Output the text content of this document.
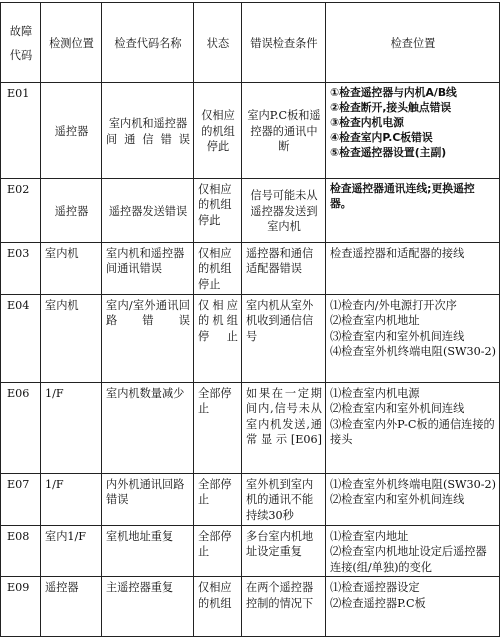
故障
代码	检测位置	检查代码名称	状态	错误检查条件	检查位置
E01	遥控器	室内机和遥控器间通信错误	仅相应的机组停此	室内P.C板和遥控器的通讯中断	①检查遥控器与内机A/B线
②检查断开,接头触点错误
③检查内机电源
④检查室内P.C板错误
⑤检查遥控器设置(主副)

E02	遥控器	遥控器发送错误	仅相应的机组停此	信号可能未从遥控器发送到室内机	检查遥控器通讯连线;更换遥控器。

E03	室内机	室内机和遥控器间通讯错误	仅相应的机组停止	遥控器和通信适配器错误	检查遥控器和适配器的接线

E04	室内机	室内/室外通讯回路错误	仅相应的机组停止	室内机从室外机收到通信信号	⑴检查内/外电源打开次序
⑵检查室内机地址
⑶检查室内和室外机间连线
⑷检查室外机终端电阻(SW30-2)

E06	1/F	室内机数量减少	全部停止	如果在一定期间内,信号未从室内机发送,通常显示[E06]	⑴检查室内机电源
⑵检查室内和室外机间连线
⑶检查室内外P-C板的通信连接的接头

E07	1/F	内外机通讯回路错误	全部停止	室外机到室内机的通讯不能持续30秒	⑴检查室外机终端电阻(SW30-2)
⑵检查室内和室外机间连线

E08	室内1/F	室机地址重复	全部停止	多台室内机地址设定重复	⑴检查室内地址
⑵检查室内机地址设定后遥控器连接(组/单独)的变化

E09	遥控器	主遥控器重复	仅相应的机组	在两个遥控器控制的情况下	⑴检查遥控器设定
⑵检查遥控器P.C板
